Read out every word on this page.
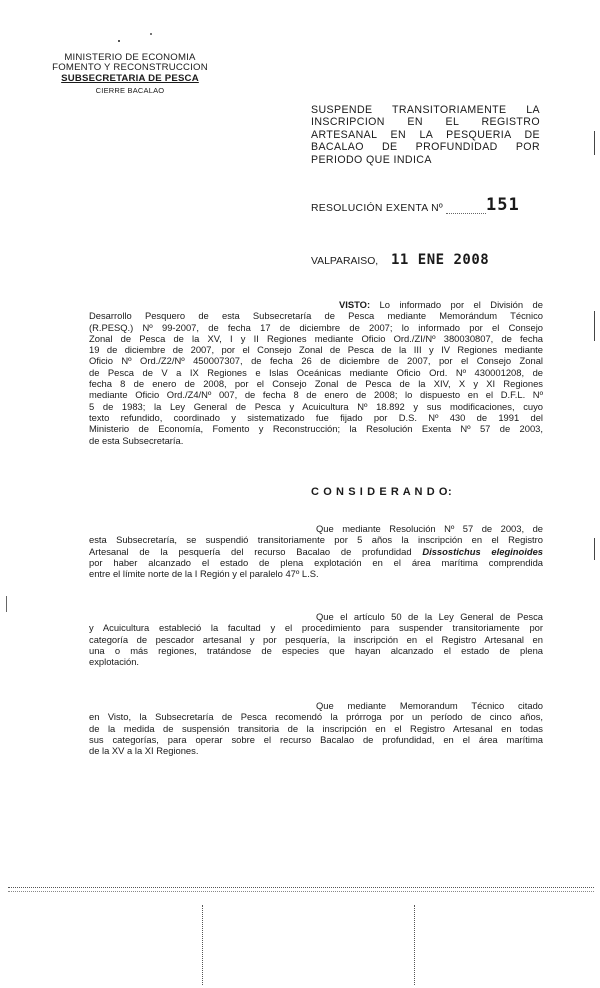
MINISTERIO DE ECONOMIA
FOMENTO Y RECONSTRUCCION
SUBSECRETARIA DE PESCA
CIERRE BACALAO
SUSPENDE TRANSITORIAMENTE LA
INSCRIPCION EN EL REGISTRO
ARTESANAL EN LA PESQUERIA DE
BACALAO DE PROFUNDIDAD POR
PERIODO QUE INDICA
RESOLUCIÓN EXENTA Nº	151
VALPARAISO, 11 ENE 2008
VISTO: Lo informado por el División de
Desarrollo Pesquero de esta Subsecretaría de Pesca mediante Memorándum Técnico
(R.PESQ.) Nº 99-2007, de fecha 17 de diciembre de 2007; lo informado por el Consejo
Zonal de Pesca de la XV, I y II Regiones mediante Oficio Ord./ZI/Nº 380030807, de fecha
19 de diciembre de 2007, por el Consejo Zonal de Pesca de la III y IV Regiones mediante
Oficio Nº Ord./Z2/Nº 450007307, de fecha 26 de diciembre de 2007, por el Consejo Zonal
de Pesca de V a IX Regiones e Islas Oceánicas mediante Oficio Ord. Nº 430001208, de
fecha 8 de enero de 2008, por el Consejo Zonal de Pesca de la XIV, X y XI Regiones
mediante Oficio Ord./Z4/Nº 007, de fecha 8 de enero de 2008; lo dispuesto en el D.F.L. Nº
5 de 1983; la Ley General de Pesca y Acuicultura Nº 18.892 y sus modificaciones, cuyo
texto refundido, coordinado y sistematizado fue fijado por D.S. Nº 430 de 1991 del
Ministerio de Economía, Fomento y Reconstrucción; la Resolución Exenta Nº 57 de 2003,
de esta Subsecretaría.
C O N S I D E R A N D O:
Que mediante Resolución Nº 57 de 2003, de
esta Subsecretaría, se suspendió transitoriamente por 5 años la inscripción en el Registro
Artesanal de la pesquería del recurso Bacalao de profundidad Dissostichus eleginoides
por haber alcanzado el estado de plena explotación en el área marítima comprendida
entre el límite norte de la I Región y el paralelo 47º L.S.
Que el artículo 50 de la Ley General de Pesca
y Acuicultura estableció la facultad y el procedimiento para suspender transitoriamente por
categoría de pescador artesanal y por pesquería, la inscripción en el Registro Artesanal en
una o más regiones, tratándose de especies que hayan alcanzado el estado de plena
explotación.
Que mediante Memorandum Técnico citado
en Visto, la Subsecretaría de Pesca recomendó la prórroga por un período de cinco años,
de la medida de suspensión transitoria de la inscripción en el Registro Artesanal en todas
sus categorías, para operar sobre el recurso Bacalao de profundidad, en el área marítima
de la XV a la XI Regiones.
